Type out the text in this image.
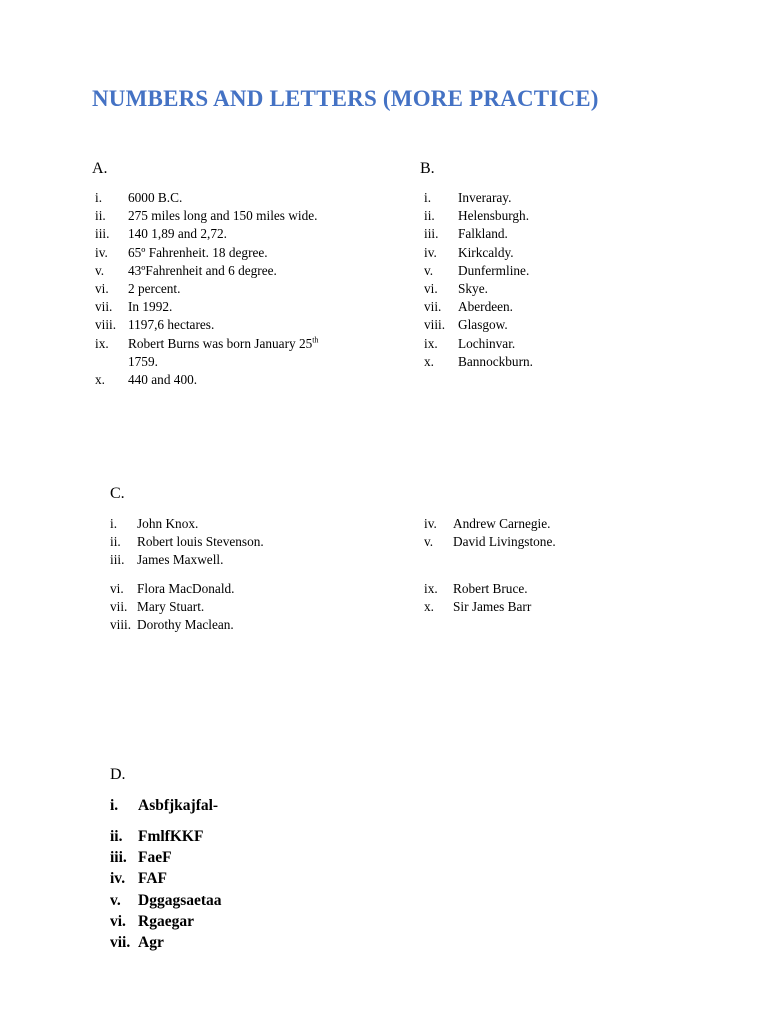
NUMBERS AND LETTERS (MORE PRACTICE)
A.
i. 6000 B.C.
ii. 275 miles long and 150 miles wide.
iii. 140 1,89 and 2,72.
iv. 65º Fahrenheit. 18 degree.
v. 43ºFahrenheit and 6 degree.
vi. 2 percent.
vii. In 1992.
viii. 1197,6 hectares.
ix. Robert Burns was born January 25th
1759.
x. 440 and 400.
B.
i. Inveraray.
ii. Helensburgh.
iii. Falkland.
iv. Kirkcaldy.
v. Dunfermline.
vi. Skye.
vii. Aberdeen.
viii. Glasgow.
ix. Lochinvar.
x. Bannockburn.
C.
i. John Knox.
ii. Robert louis Stevenson.
iii. James Maxwell.
iv. Andrew Carnegie.
v. David Livingstone.
vi. Flora MacDonald.
vii. Mary Stuart.
viii. Dorothy Maclean.
ix. Robert Bruce.
x. Sir James Barr
D.
i. Asbfjkajfal-
ii. FmlfKKF
iii. FaeF
iv. FAF
v. Dggagsaetaa
vi. Rgaegar
vii. Agr
